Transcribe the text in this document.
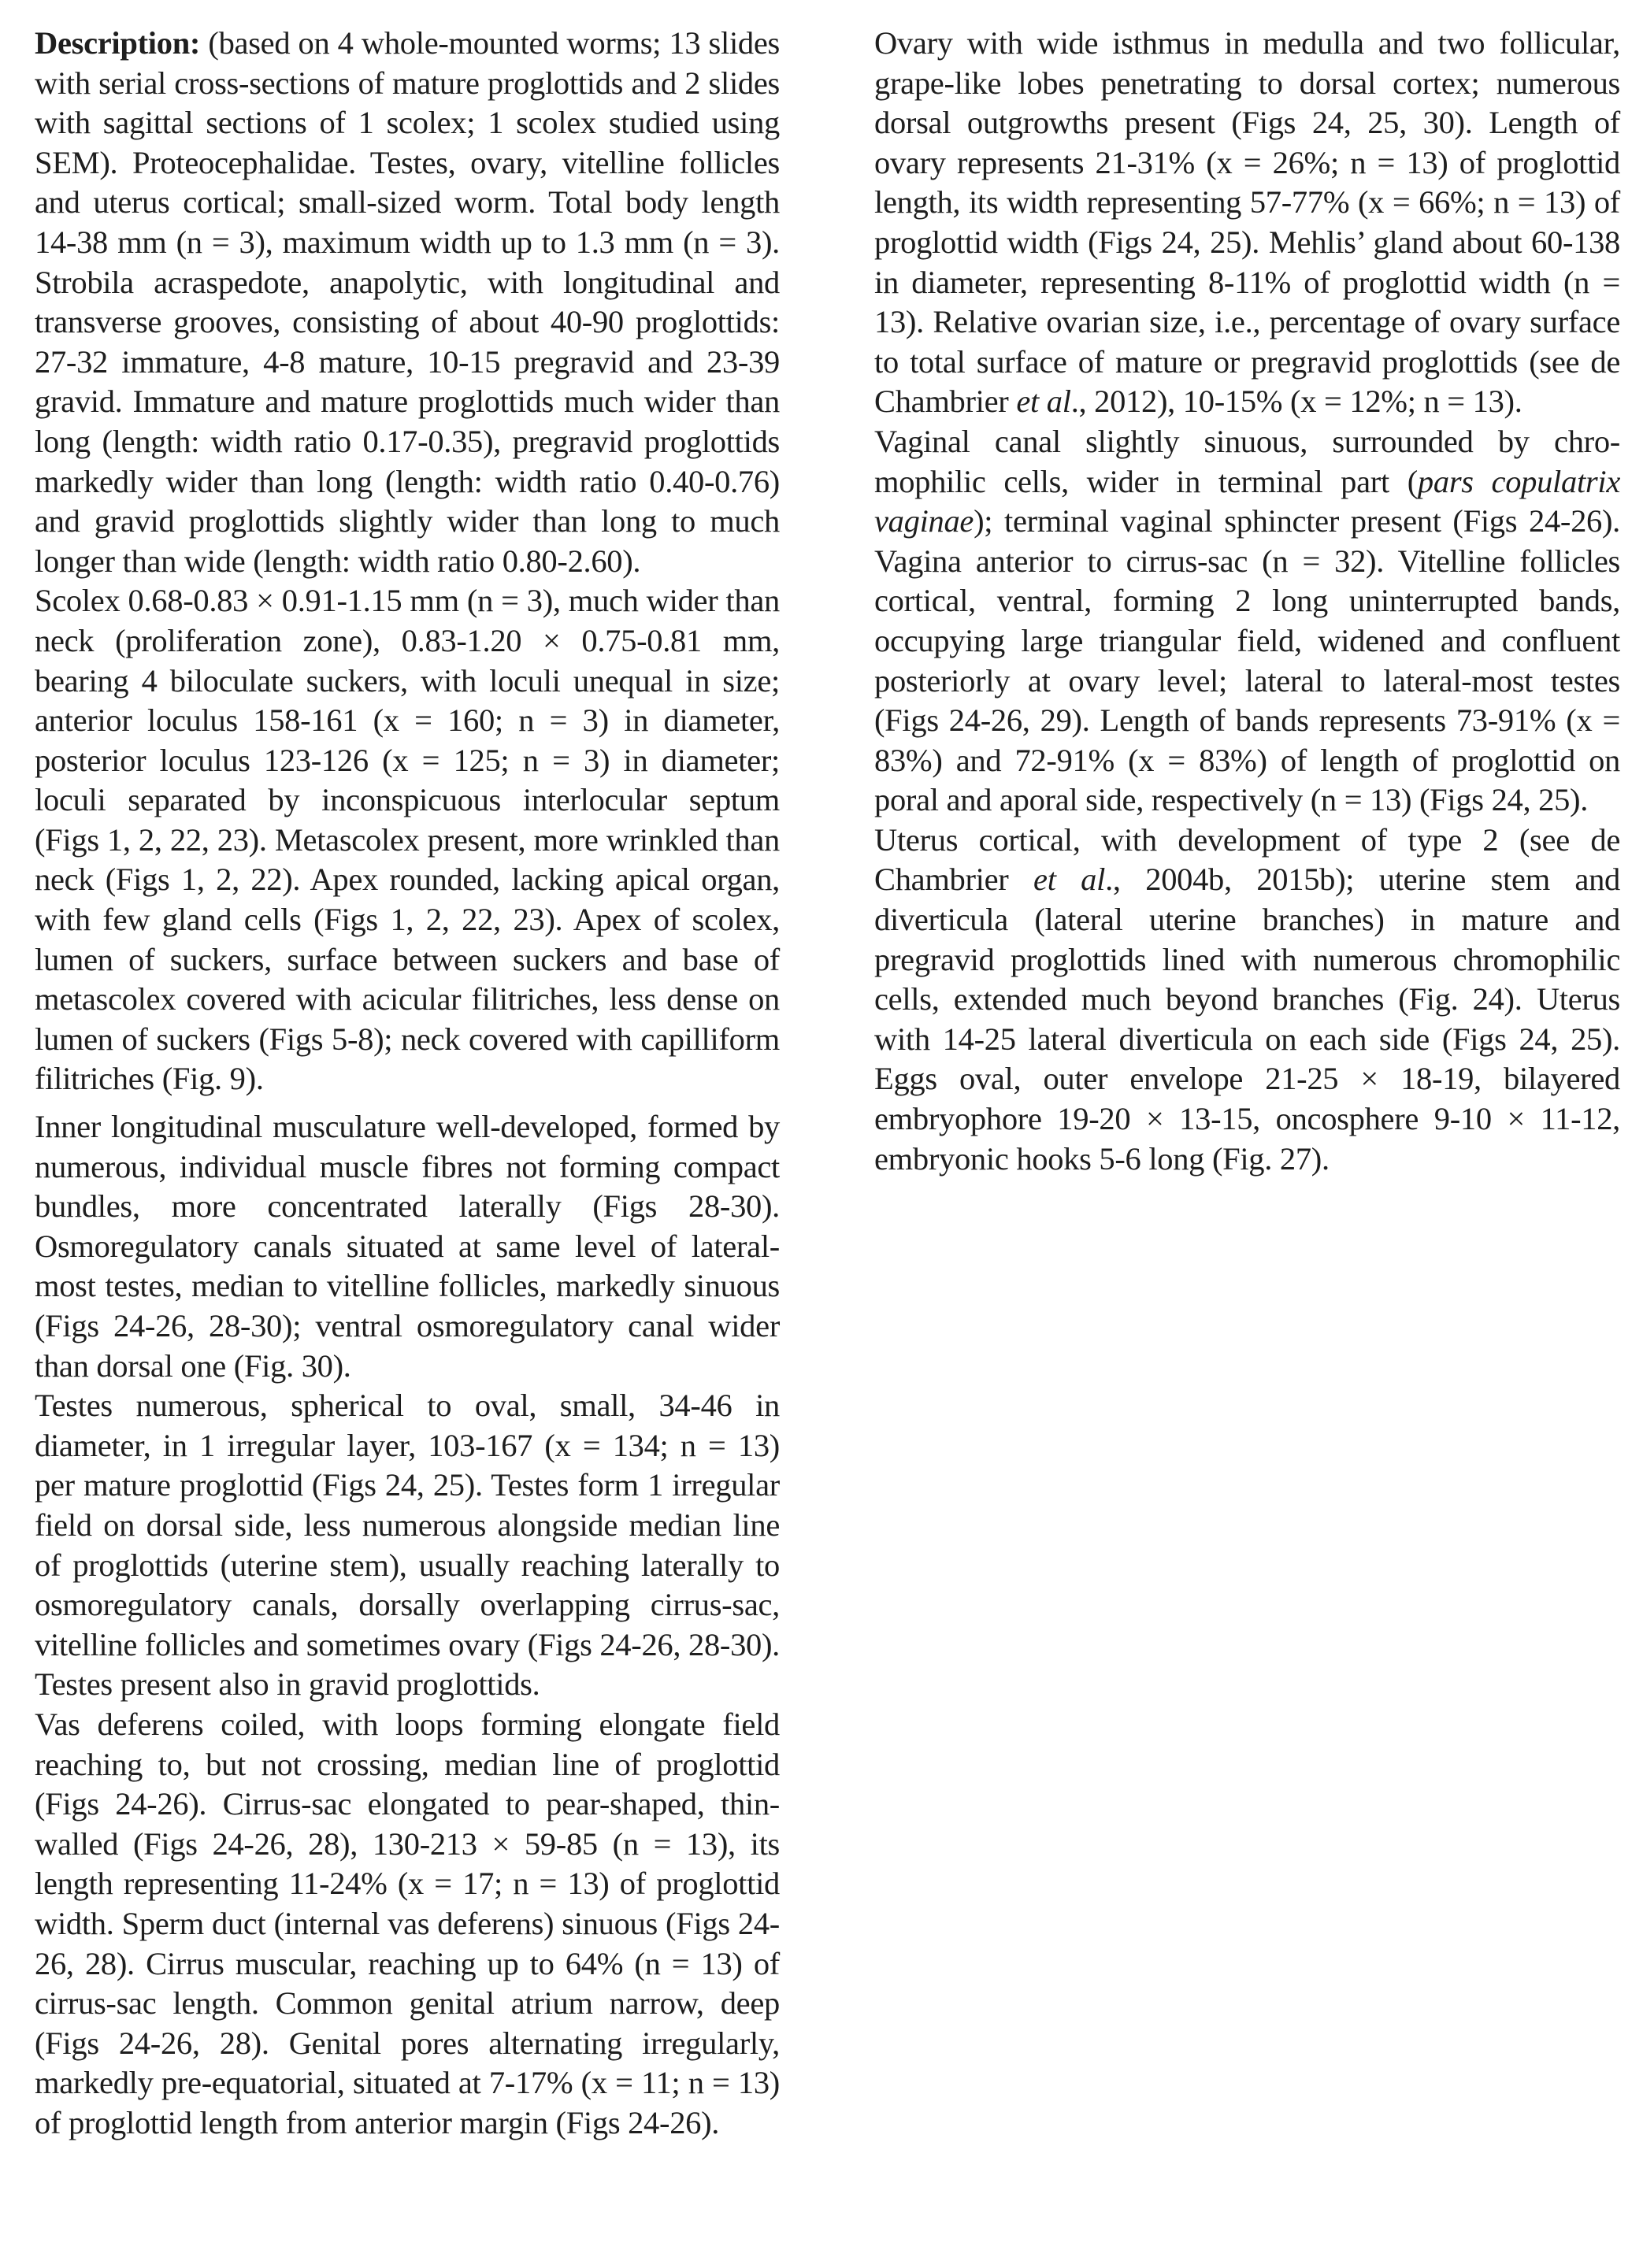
Description: (based on 4 whole-mounted worms; 13 slides with serial cross-sections of mature proglottids and 2 slides with sagittal sections of 1 scolex; 1 scolex studied using SEM). Proteocephalidae. Testes, ovary, vitelline follicles and uterus cortical; small-sized worm. Total body length 14-38 mm (n = 3), maximum width up to 1.3 mm (n = 3). Strobila acraspedote, anapolytic, with longitudinal and transverse grooves, consisting of about 40-90 proglottids: 27-32 immature, 4-8 mature, 10-15 pregravid and 23-39 gravid. Immature and mature proglottids much wider than long (length: width ratio 0.17-0.35), pregravid proglottids markedly wider than long (length: width ratio 0.40-0.76) and gravid proglottids slightly wider than long to much longer than wide (length: width ratio 0.80-2.60).

Scolex 0.68-0.83 × 0.91-1.15 mm (n = 3), much wider than neck (proliferation zone), 0.83-1.20 × 0.75-0.81 mm, bearing 4 biloculate suckers, with loculi unequal in size; anterior loculus 158-161 (x = 160; n = 3) in diameter, posterior loculus 123-126 (x = 125; n = 3) in diameter; loculi separated by inconspicuous interlocular septum (Figs 1, 2, 22, 23). Metascolex present, more wrinkled than neck (Figs 1, 2, 22). Apex rounded, lacking apical organ, with few gland cells (Figs 1, 2, 22, 23). Apex of scolex, lumen of suckers, surface between suckers and base of metascolex covered with acicular filitriches, less dense on lumen of suckers (Figs 5-8); neck covered with capilliform filitriches (Fig. 9).

Inner longitudinal musculature well-developed, formed by numerous, individual muscle fibres not forming compact bundles, more concentrated laterally (Figs 28-30). Osmoregulatory canals situated at same level of lateral-most testes, median to vitelline follicles, markedly sinuous (Figs 24-26, 28-30); ventral osmoregulatory canal wider than dorsal one (Fig. 30).

Testes numerous, spherical to oval, small, 34-46 in diameter, in 1 irregular layer, 103-167 (x = 134; n = 13) per mature proglottid (Figs 24, 25). Testes form 1 irregular field on dorsal side, less numerous alongside median line of proglottids (uterine stem), usually reaching laterally to osmoregulatory canals, dorsally overlapping cirrus-sac, vitelline follicles and sometimes ovary (Figs 24-26, 28-30). Testes present also in gravid proglottids.

Vas deferens coiled, with loops forming elongate field reaching to, but not crossing, median line of proglottid (Figs 24-26). Cirrus-sac elongated to pear-shaped, thin-walled (Figs 24-26, 28), 130-213 × 59-85 (n = 13), its length representing 11-24% (x = 17; n = 13) of proglottid width. Sperm duct (internal vas deferens) sinuous (Figs 24-26, 28). Cirrus muscular, reaching up to 64% (n = 13) of cirrus-sac length. Common genital atrium narrow, deep (Figs 24-26, 28). Genital pores alternating irregularly, markedly pre-equatorial, situated at 7-17% (x = 11; n = 13) of proglottid length from anterior margin (Figs 24-26).

Ovary with wide isthmus in medulla and two follicular, grape-like lobes penetrating to dorsal cortex; numerous dorsal outgrowths present (Figs 24, 25, 30). Length of ovary represents 21-31% (x = 26%; n = 13) of proglottid length, its width representing 57-77% (x = 66%; n = 13) of proglottid width (Figs 24, 25). Mehlis’ gland about 60-138 in diameter, representing 8-11% of proglottid width (n = 13). Relative ovarian size, i.e., percentage of ovary surface to total surface of mature or pregravid proglottids (see de Chambrier et al., 2012), 10-15% (x = 12%; n = 13).

Vaginal canal slightly sinuous, surrounded by chro-mophilic cells, wider in terminal part (pars copulatrix vaginae); terminal vaginal sphincter present (Figs 24-26). Vagina anterior to cirrus-sac (n = 32). Vitelline follicles cortical, ventral, forming 2 long uninterrupted bands, occupying large triangular field, widened and confluent posteriorly at ovary level; lateral to lateral-most testes (Figs 24-26, 29). Length of bands represents 73-91% (x = 83%) and 72-91% (x = 83%) of length of proglottid on poral and aporal side, respectively (n = 13) (Figs 24, 25).

Uterus cortical, with development of type 2 (see de Chambrier et al., 2004b, 2015b); uterine stem and diverticula (lateral uterine branches) in mature and pregravid proglottids lined with numerous chromophilic cells, extended much beyond branches (Fig. 24). Uterus with 14-25 lateral diverticula on each side (Figs 24, 25). Eggs oval, outer envelope 21-25 × 18-19, bilayered embryophore 19-20 × 13-15, oncosphere 9-10 × 11-12, embryonic hooks 5-6 long (Fig. 27).
